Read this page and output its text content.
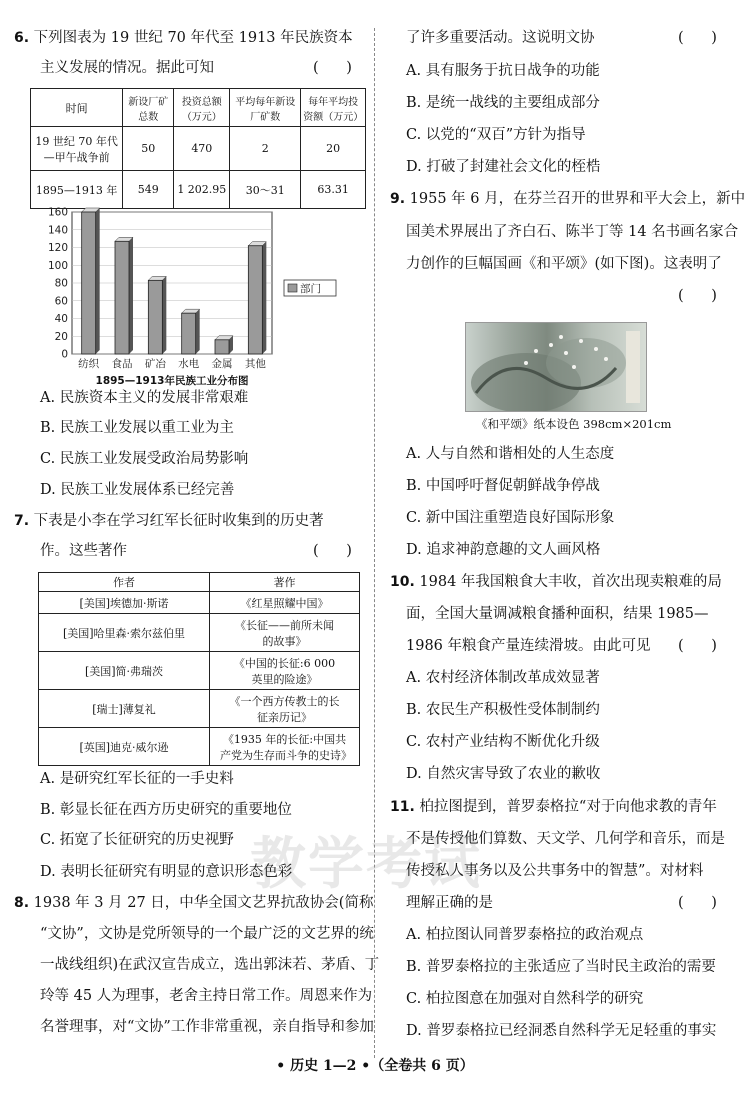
教学考试
6. 下列图表为 19 世纪 70 年代至 1913 年民族资本
主义发展的情况。据此可知	(      )
时间	新设厂矿总数	投资总额（万元）	平均每年新设厂矿数	每年平均投资额（万元）
19 世纪 70 年代—甲午战争前	50	470	2	20
1895—1913 年	549	1 202.95	30～31	63.31
0
20
40
60
80
100
120
140
160
纺织 食品 矿冶 水电 金属 其他
部门
1895—1913年民族工业分布图
A. 民族资本主义的发展非常艰难
B. 民族工业发展以重工业为主
C. 民族工业发展受政治局势影响
D. 民族工业发展体系已经完善
7. 下表是小李在学习红军长征时收集到的历史著
作。这些著作	(      )
作者	著作
[美国]埃德加·斯诺	《红星照耀中国》
[美国]哈里森·索尔兹伯里	《长征——前所未闻的故事》
[美国]简·弗瑞茨	《中国的长征:6 000 英里的险途》
[瑞士]薄复礼	《一个西方传教士的长征亲历记》
[英国]迪克·威尔逊	《1935 年的长征:中国共产党为生存而斗争的史诗》
A. 是研究红军长征的一手史料
B. 彰显长征在西方历史研究的重要地位
C. 拓宽了长征研究的历史视野
D. 表明长征研究有明显的意识形态色彩
8. 1938 年 3 月 27 日，中华全国文艺界抗敌协会(简称
“文协”，文协是党所领导的一个最广泛的文艺界的统
一战线组织)在武汉宣告成立，选出郭沫若、茅盾、丁
玲等 45 人为理事，老舍主持日常工作。周恩来作为
名誉理事，对“文协”工作非常重视，亲自指导和参加
了许多重要活动。这说明文协	(      )
A. 具有服务于抗日战争的功能
B. 是统一战线的主要组成部分
C. 以党的“双百”方针为指导
D. 打破了封建社会文化的桎梏
9. 1955 年 6 月，在芬兰召开的世界和平大会上，新中
国美术界展出了齐白石、陈半丁等 14 名书画名家合
力创作的巨幅国画《和平颂》(如下图)。这表明了
(      )
《和平颂》纸本设色 398cm×201cm
A. 人与自然和谐相处的人生态度
B. 中国呼吁督促朝鲜战争停战
C. 新中国注重塑造良好国际形象
D. 追求神韵意趣的文人画风格
10. 1984 年我国粮食大丰收，首次出现卖粮难的局
面，全国大量调减粮食播种面积，结果 1985—
1986 年粮食产量连续滑坡。由此可见 (      )
A. 农村经济体制改革成效显著
B. 农民生产积极性受体制制约
C. 农村产业结构不断优化升级
D. 自然灾害导致了农业的歉收
11. 柏拉图提到，普罗泰格拉“对于向他求教的青年
不是传授他们算数、天文学、几何学和音乐，而是
传授私人事务以及公共事务中的智慧”。对材料
理解正确的是	(      )
A. 柏拉图认同普罗泰格拉的政治观点
B. 普罗泰格拉的主张适应了当时民主政治的需要
C. 柏拉图意在加强对自然科学的研究
D. 普罗泰格拉已经洞悉自然科学无足轻重的事实
• 历史 1—2 •（全卷共 6 页）
